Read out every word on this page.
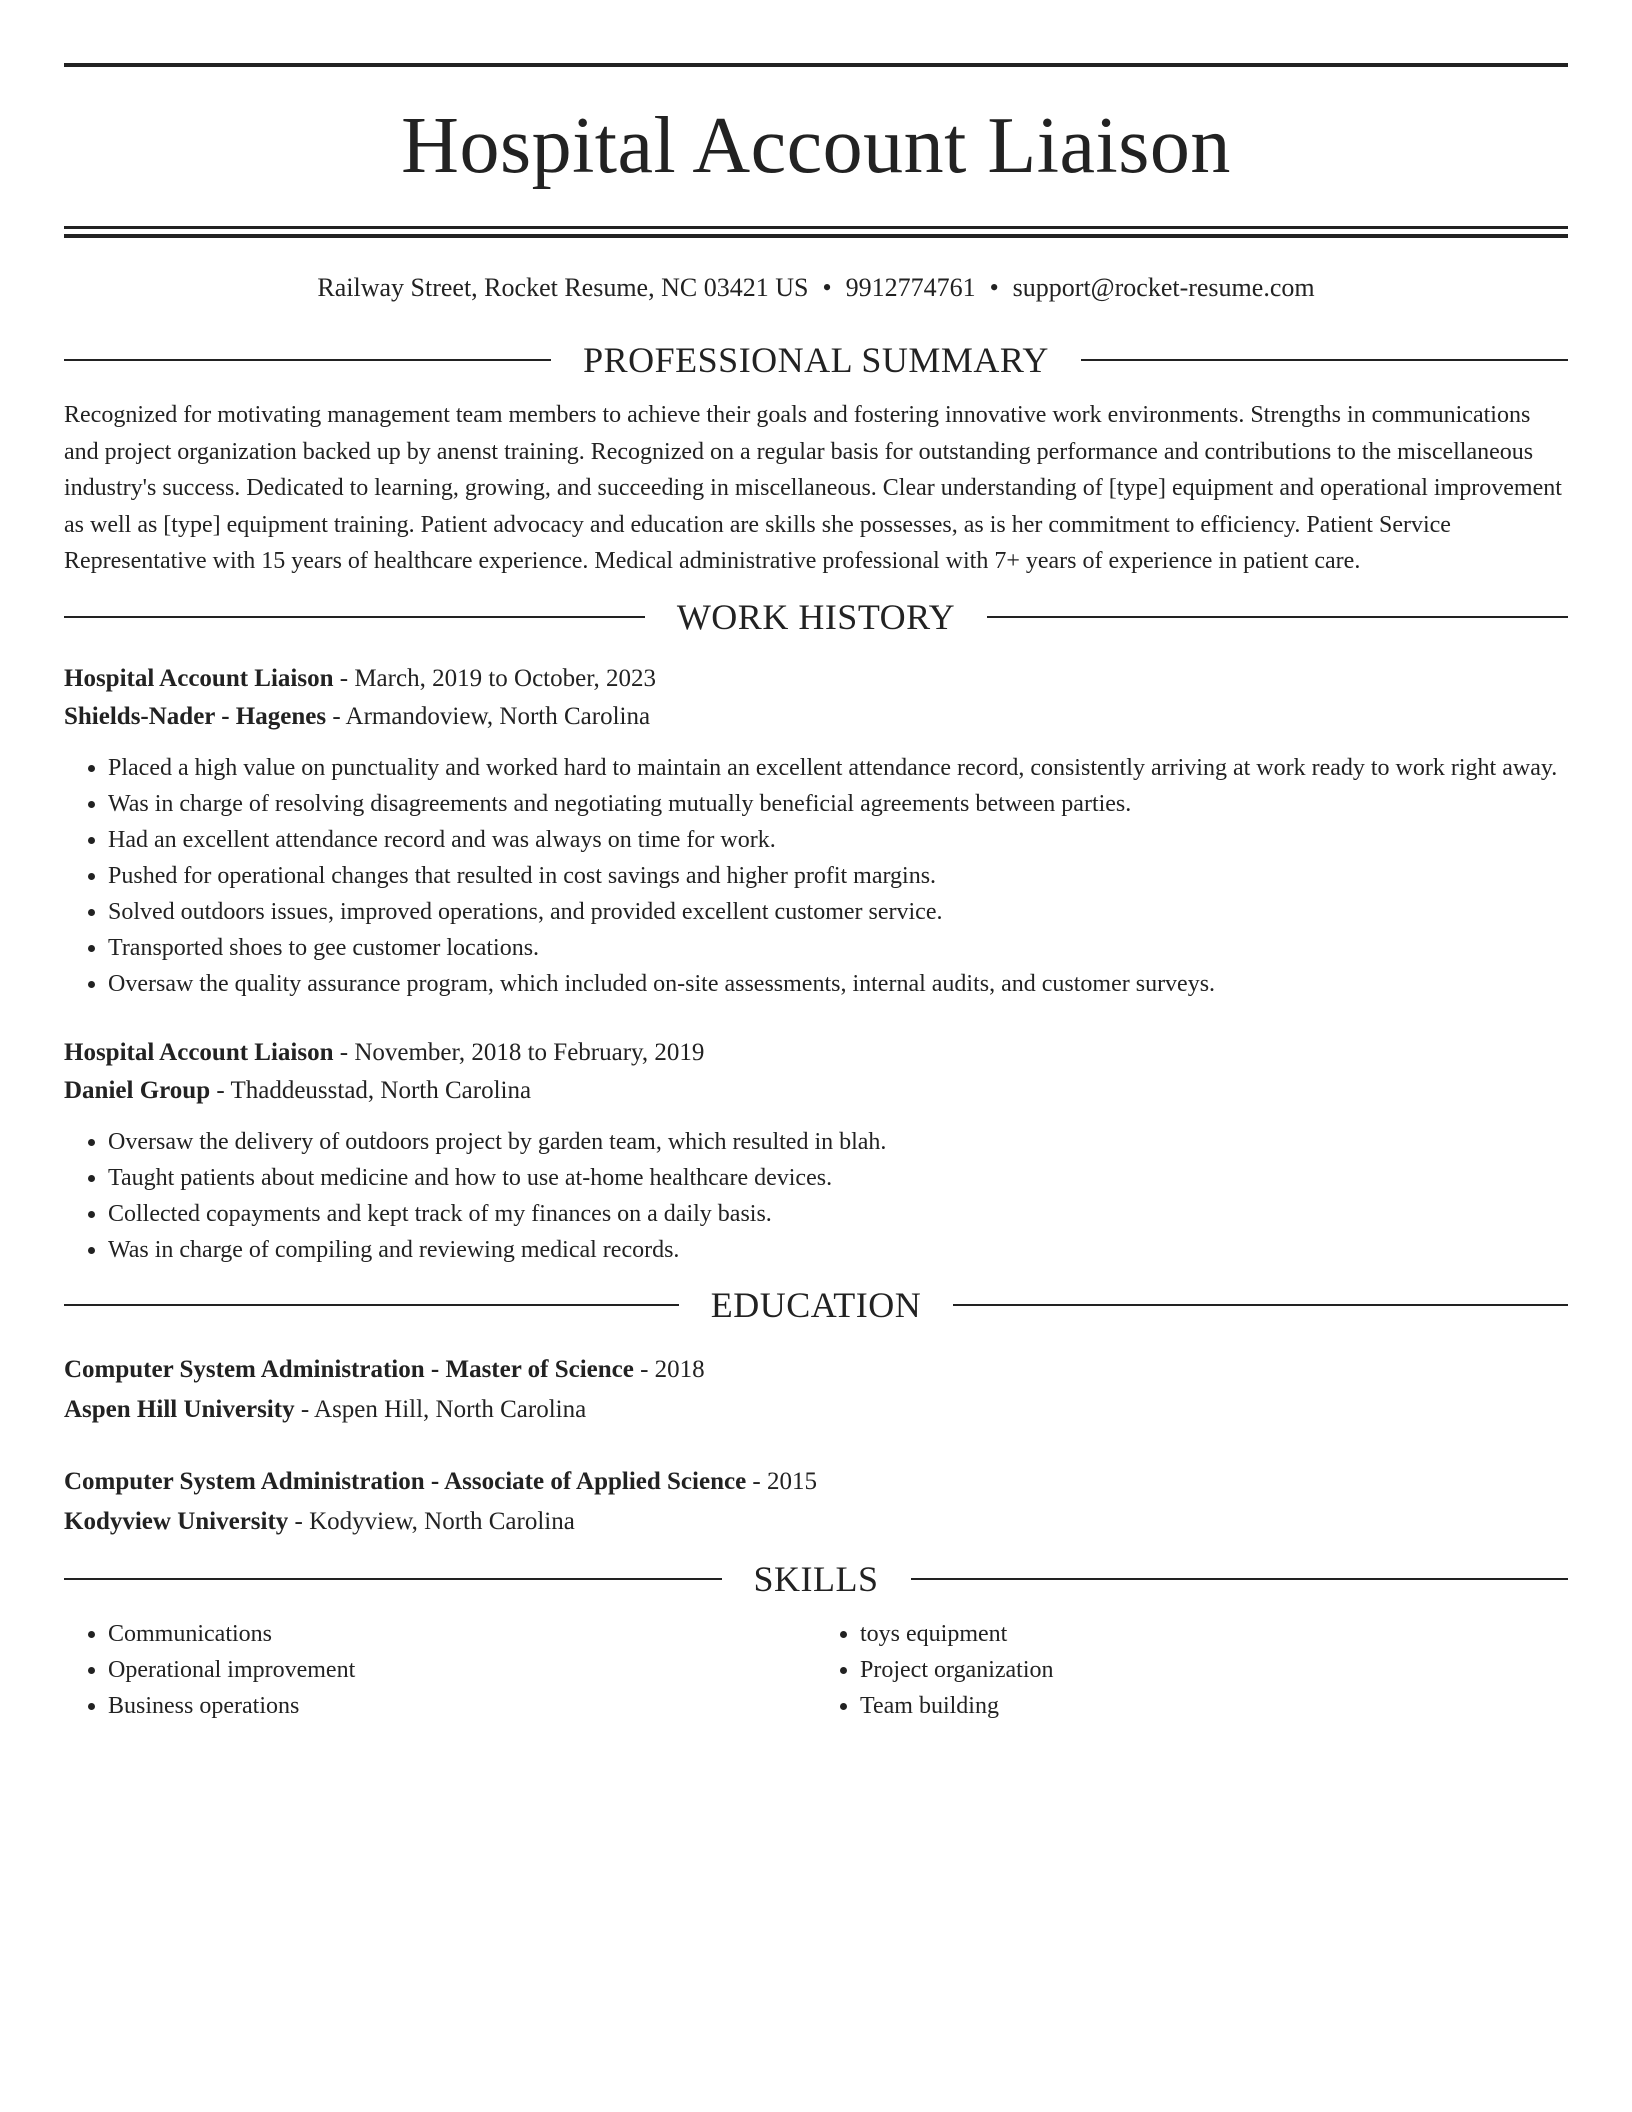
Hospital Account Liaison
Railway Street, Rocket Resume, NC 03421 US • 9912774761 • support@rocket-resume.com
PROFESSIONAL SUMMARY
Recognized for motivating management team members to achieve their goals and fostering innovative work environments. Strengths in communications and project organization backed up by anenst training. Recognized on a regular basis for outstanding performance and contributions to the miscellaneous industry's success. Dedicated to learning, growing, and succeeding in miscellaneous. Clear understanding of [type] equipment and operational improvement as well as [type] equipment training. Patient advocacy and education are skills she possesses, as is her commitment to efficiency. Patient Service Representative with 15 years of healthcare experience. Medical administrative professional with 7+ years of experience in patient care.
WORK HISTORY
Hospital Account Liaison - March, 2019 to October, 2023
Shields-Nader - Hagenes - Armandoview, North Carolina
• Placed a high value on punctuality and worked hard to maintain an excellent attendance record, consistently arriving at work ready to work right away.
• Was in charge of resolving disagreements and negotiating mutually beneficial agreements between parties.
• Had an excellent attendance record and was always on time for work.
• Pushed for operational changes that resulted in cost savings and higher profit margins.
• Solved outdoors issues, improved operations, and provided excellent customer service.
• Transported shoes to gee customer locations.
• Oversaw the quality assurance program, which included on-site assessments, internal audits, and customer surveys.
Hospital Account Liaison - November, 2018 to February, 2019
Daniel Group - Thaddeusstad, North Carolina
• Oversaw the delivery of outdoors project by garden team, which resulted in blah.
• Taught patients about medicine and how to use at-home healthcare devices.
• Collected copayments and kept track of my finances on a daily basis.
• Was in charge of compiling and reviewing medical records.
EDUCATION
Computer System Administration - Master of Science - 2018
Aspen Hill University - Aspen Hill, North Carolina
Computer System Administration - Associate of Applied Science - 2015
Kodyview University - Kodyview, North Carolina
SKILLS
• Communications
• Operational improvement
• Business operations
• toys equipment
• Project organization
• Team building
